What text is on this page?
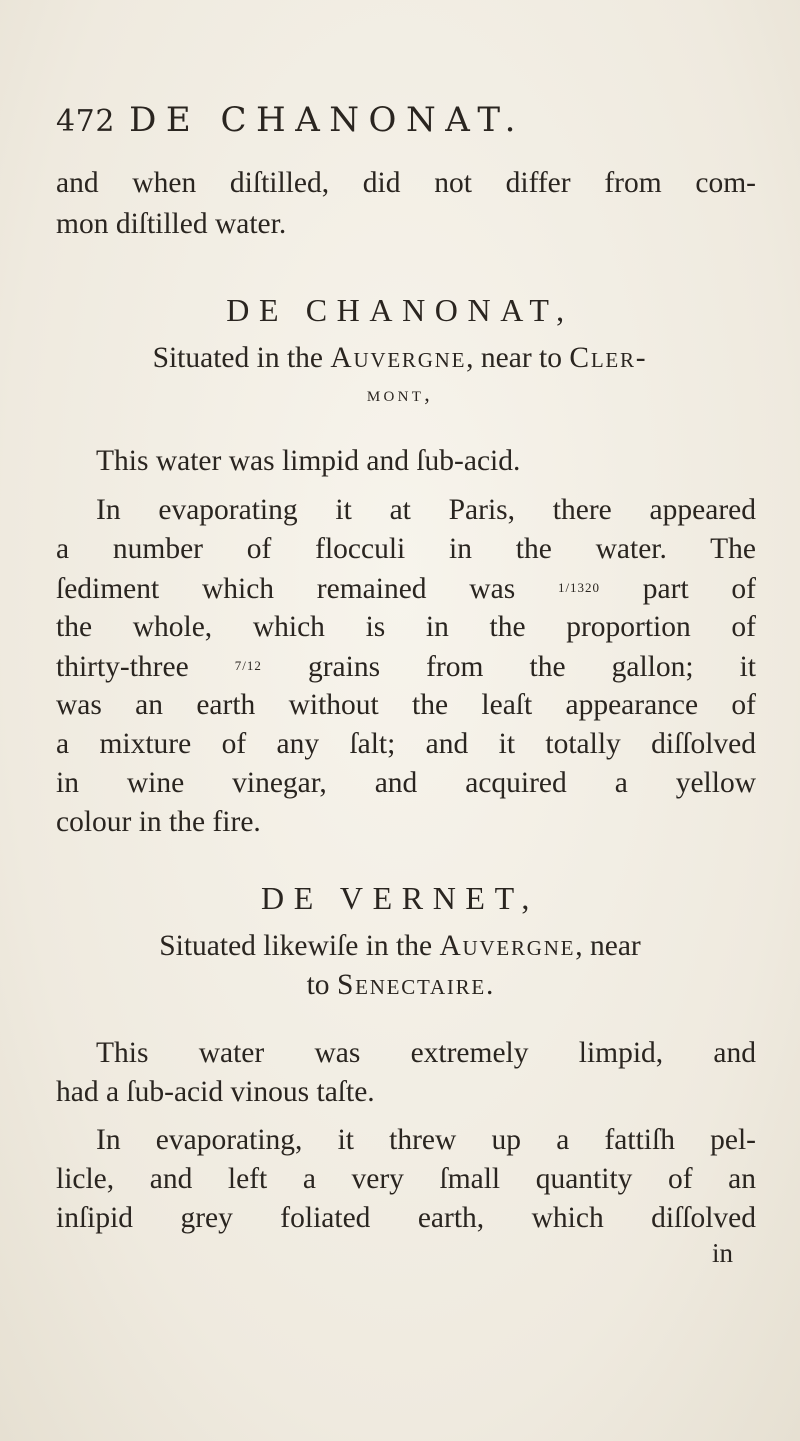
472 DE CHANONAT.
and when diſtilled, did not differ from com-
mon diſtilled water.
DE CHANONAT,
Situated in the Auvergne, near to Cler-
mont,
This water was limpid and ſub-acid.
In evaporating it at Paris, there appeared
a number of flocculi in the water. The
ſediment which remained was $^{1/1320}$ part of
the whole, which is in the proportion of
thirty-three $^{7/12}$ grains from the gallon; it
was an earth without the leaſt appearance of
a mixture of any ſalt; and it totally diſſolved
in wine vinegar, and acquired a yellow
colour in the fire.
DE VERNET,
Situated likewiſe in the Auvergne, near
to Senectaire.
This water was extremely limpid, and
had a ſub-acid vinous taſte.
In evaporating, it threw up a fattiſh pel-
licle, and left a very ſmall quantity of an
inſipid grey foliated earth, which diſſolved
in
